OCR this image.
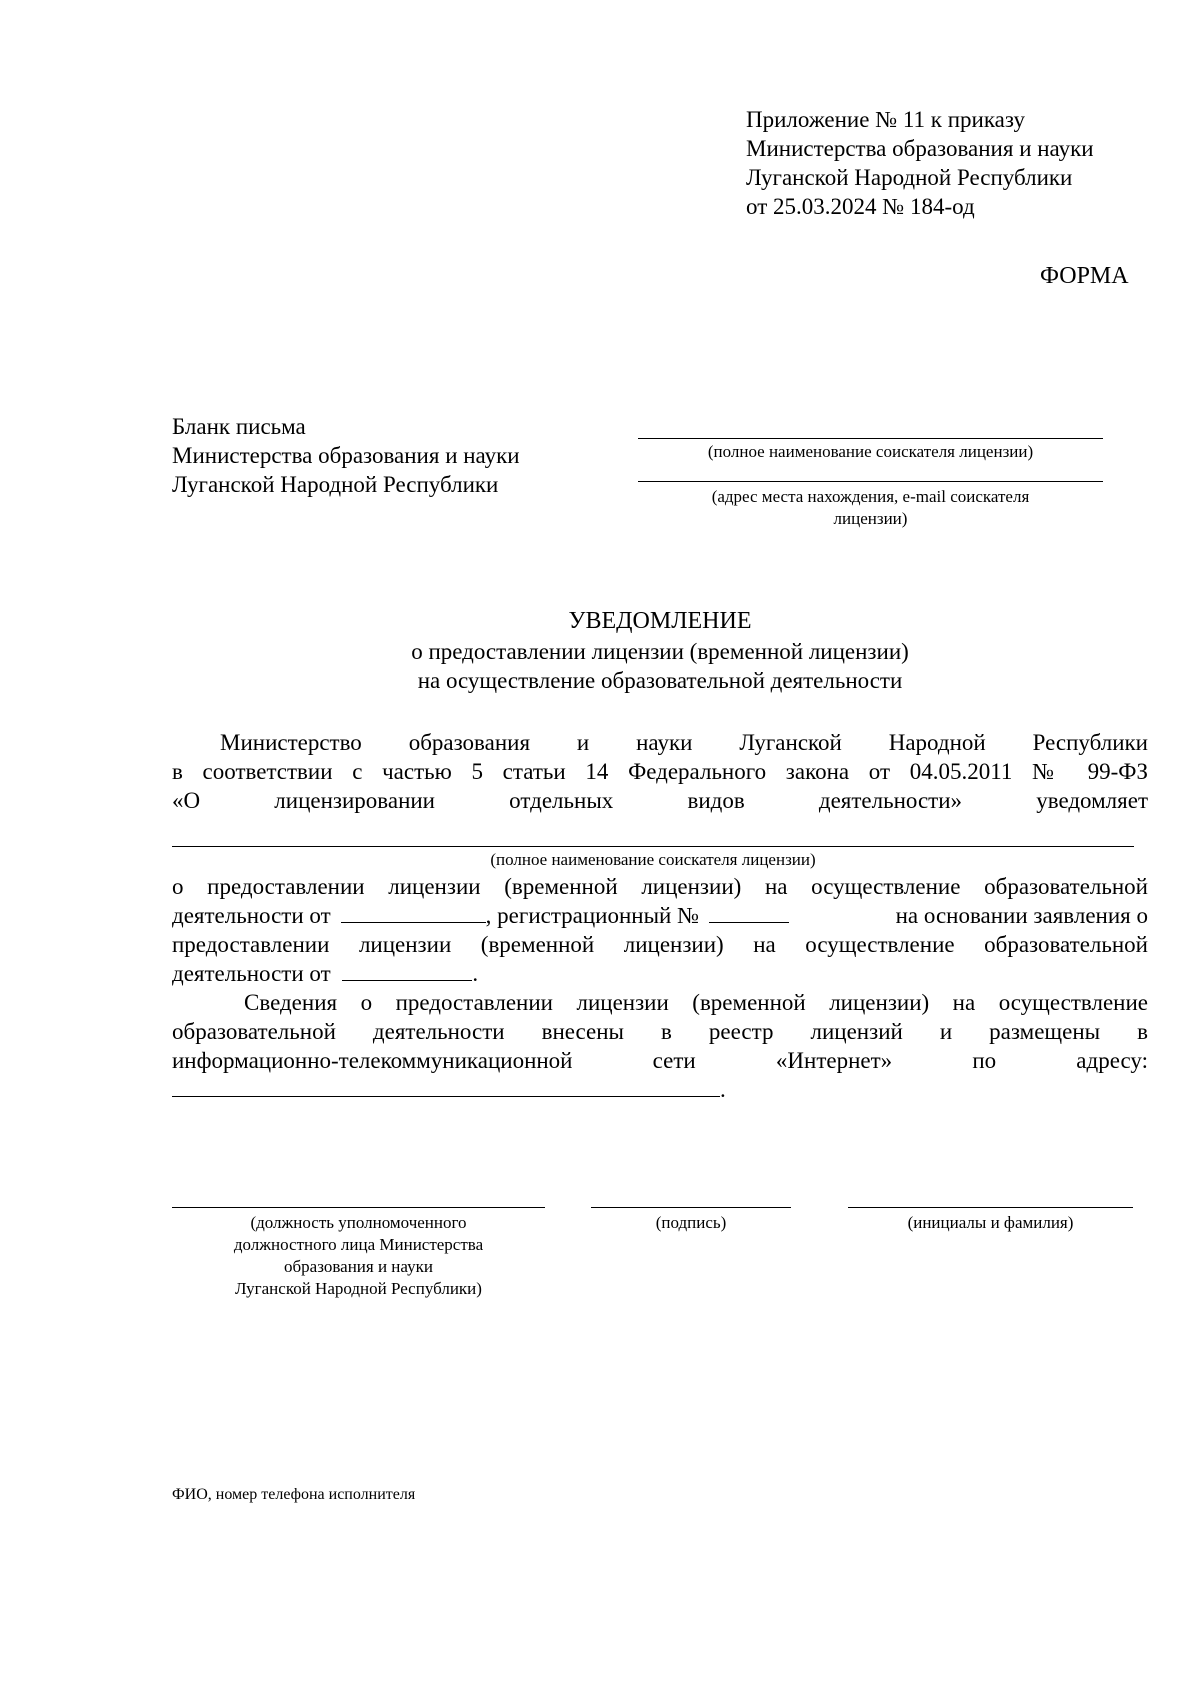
Приложение № 11 к приказу
Министерства образования и науки
Луганской Народной Республики
от 25.03.2024 № 184-од
ФОРМА
Бланк письма
Министерства образования и науки
Луганской Народной Республики
(полное наименование соискателя лицензии)
(адрес места нахождения, e-mail соискателя
лицензии)
УВЕДОМЛЕНИЕ
о предоставлении лицензии (временной лицензии)
на осуществление образовательной деятельности
Министерство образования и науки Луганской Народной Республики
в соответствии с частью 5 статьи 14 Федерального закона от 04.05.2011 № 99-ФЗ
«О лицензировании отдельных видов деятельности» уведомляет
(полное наименование соискателя лицензии)
о предоставлении лицензии (временной лицензии) на осуществление образовательной
деятельности от	, регистрационный №	на основании заявления о
предоставлении лицензии (временной лицензии) на осуществление образовательной
деятельности от	.
Сведения о предоставлении лицензии (временной лицензии) на осуществление
образовательной деятельности внесены в реестр лицензий и размещены в
информационно-телекоммуникационной сети «Интернет» по адресу:
.
(должность уполномоченного
должностного лица Министерства
образования и науки
Луганской Народной Республики)
(подпись)	(инициалы и фамилия)
ФИО, номер телефона исполнителя
